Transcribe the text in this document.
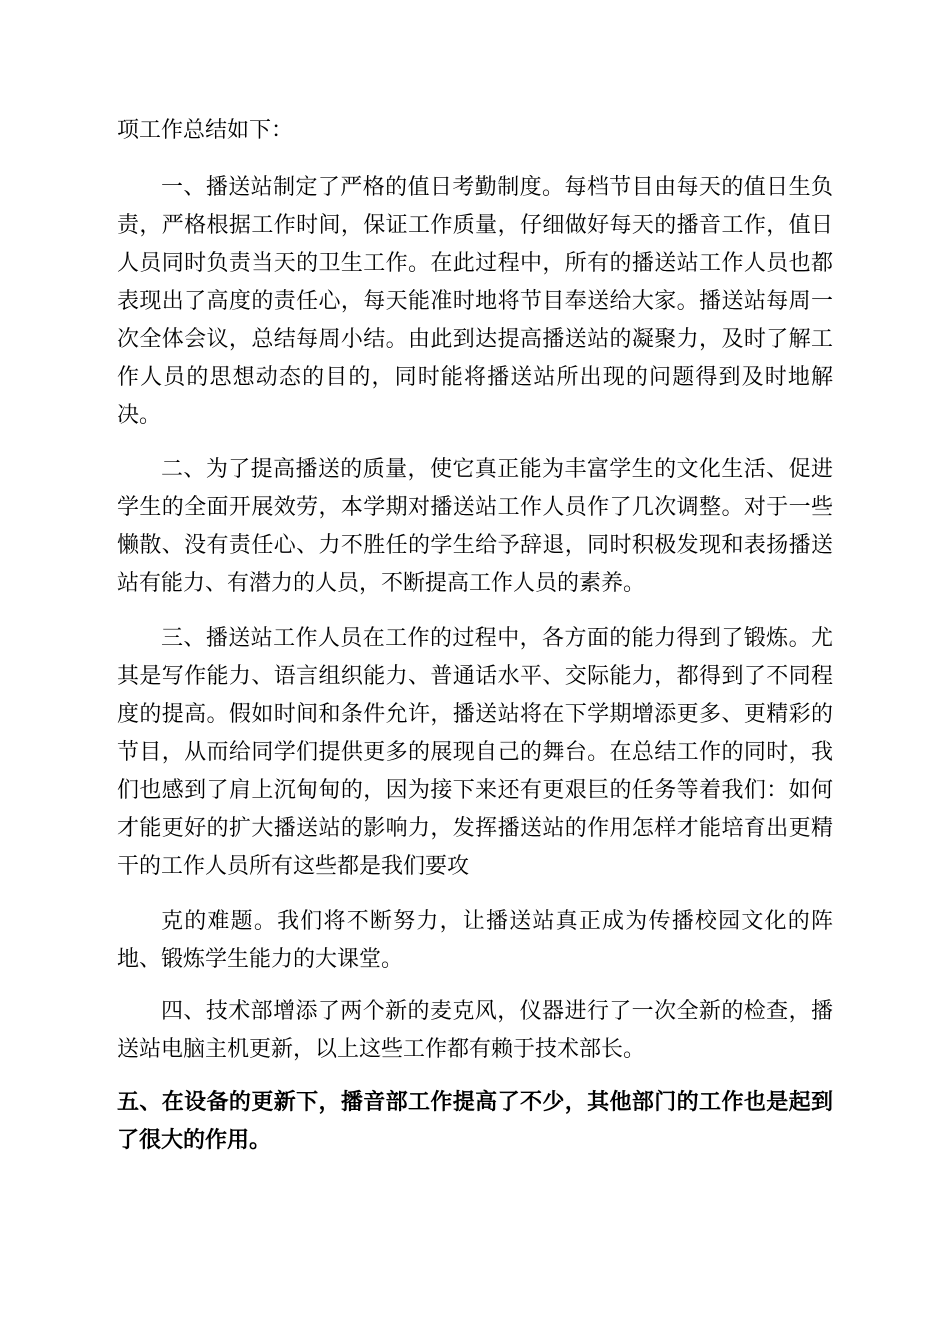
项工作总结如下：

一、播送站制定了严格的值日考勤制度。每档节目由每天的值日生负责，严格根据工作时间，保证工作质量，仔细做好每天的播音工作，值日人员同时负责当天的卫生工作。在此过程中，所有的播送站工作人员也都表现出了高度的责任心，每天能准时地将节目奉送给大家。播送站每周一次全体会议，总结每周小结。由此到达提高播送站的凝聚力，及时了解工作人员的思想动态的目的，同时能将播送站所出现的问题得到及时地解决。

二、为了提高播送的质量，使它真正能为丰富学生的文化生活、促进学生的全面开展效劳，本学期对播送站工作人员作了几次调整。对于一些懒散、没有责任心、力不胜任的学生给予辞退，同时积极发现和表扬播送站有能力、有潜力的人员，不断提高工作人员的素养。

三、播送站工作人员在工作的过程中，各方面的能力得到了锻炼。尤其是写作能力、语言组织能力、普通话水平、交际能力，都得到了不同程度的提高。假如时间和条件允许，播送站将在下学期增添更多、更精彩的节目，从而给同学们提供更多的展现自己的舞台。在总结工作的同时，我们也感到了肩上沉甸甸的，因为接下来还有更艰巨的任务等着我们：如何才能更好的扩大播送站的影响力，发挥播送站的作用怎样才能培育出更精干的工作人员所有这些都是我们要攻

克的难题。我们将不断努力，让播送站真正成为传播校园文化的阵地、锻炼学生能力的大课堂。

四、技术部增添了两个新的麦克风，仪器进行了一次全新的检查，播送站电脑主机更新，以上这些工作都有赖于技术部长。

五、在设备的更新下，播音部工作提高了不少，其他部门的工作也是起到了很大的作用。
